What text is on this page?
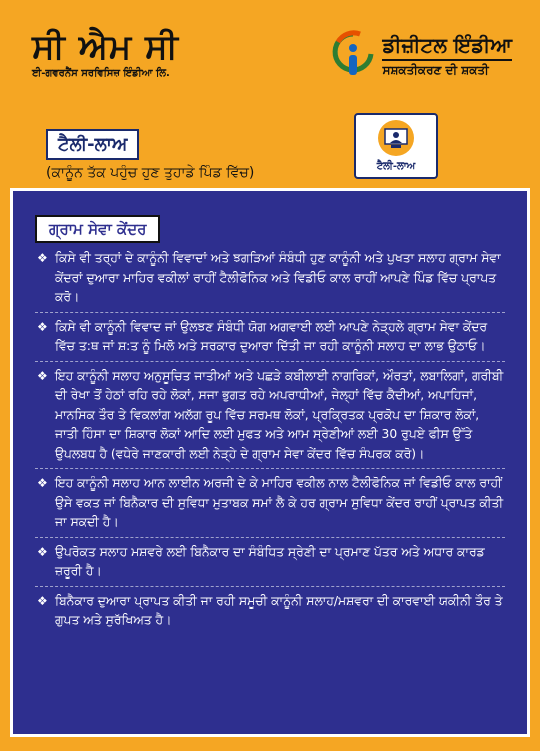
ਸੀ ਐਮ ਸੀ
ਈ-ਗਵਰਨੈਂਸ ਸਰਵਿਸਿਜ਼ ਇੰਡੀਆ ਲਿ.
ਡੀਜ਼ੀਟਲ ਇੰਡੀਆ
ਸਸ਼ਕਤੀਕਰਣ ਦੀ ਸ਼ਕਤੀ
ਟੈਲੀ-ਲਾਅ
(ਕਾਨੂੰਨ ਤੱਕ ਪਹੁੰਚ ਹੁਣ ਤੁਹਾਡੇ ਪਿੰਡ ਵਿੱਚ)	ਟੈਲੀ-ਲਾਅ
ਗ੍ਰਾਮ ਸੇਵਾ ਕੇਂਦਰ
❖ ਕਿਸੇ ਵੀ ਤਰ੍ਹਾਂ ਦੇ ਕਾਨੂੰਨੀ ਵਿਵਾਦਾਂ ਅਤੇ ਝਗੜਿਆਂ ਸੰਬੰਧੀ ਹੁਣ ਕਾਨੂੰਨੀ ਅਤੇ ਪੁਖਤਾ ਸਲਾਹ ਗ੍ਰਾਮ ਸੇਵਾ ਕੇਂਦਰਾਂ ਦੁਆਰਾ ਮਾਹਿਰ ਵਕੀਲਾਂ ਰਾਹੀਂ ਟੈਲੀਫੋਨਿਕ ਅਤੇ ਵਿਡੀਓ ਕਾਲ ਰਾਹੀਂ ਆਪਣੇ ਪਿੰਡ ਵਿੱਚ ਪ੍ਰਾਪਤ ਕਰੋ।
❖ ਕਿਸੇ ਵੀ ਕਾਨੂੰਨੀ ਵਿਵਾਦ ਜਾਂ ਉਲਝਣ ਸੰਬੰਧੀ ਯੋਗ ਅਗਵਾਈ ਲਈ ਆਪਣੇ ਨੇੜ੍ਹਲੇ ਗ੍ਰਾਮ ਸੇਵਾ ਕੇਂਦਰ ਵਿੱਚ ਤ:ਥ ਜਾਂ ਸ਼:ਤ ਨੂੰ ਮਿਲੋ ਅਤੇ ਸਰਕਾਰ ਦੁਆਰਾ ਦਿੱਤੀ ਜਾ ਰਹੀ ਕਾਨੂੰਨੀ ਸਲਾਹ ਦਾ ਲਾਭ ਉਠਾਓ।
❖ ਇਹ ਕਾਨੂੰਨੀ ਸਲਾਹ ਅਨੁਸੂਚਿਤ ਜਾਤੀਆਂ ਅਤੇ ਪਛੜੇ ਕਬੀਲਾਈ ਨਾਗਰਿਕਾਂ, ਔਰਤਾਂ, ਲਬਾਲਿਗਾਂ, ਗਰੀਬੀ ਦੀ ਰੇਖਾ ਤੋਂ ਹੇਠਾਂ ਰਹਿ ਰਹੇ ਲੋਕਾਂ, ਸਜਾ ਭੁਗਤ ਰਹੇ ਅਪਰਾਧੀਆਂ, ਜੇਲ੍ਹਾਂ ਵਿੱਚ ਕੈਦੀਆਂ, ਅਪਾਹਿਜਾਂ, ਮਾਨਸਿਕ ਤੌਰ ਤੇ ਵਿਕਲਾਂਗ ਅਲੱਗ ਰੂਪ ਵਿੱਚ ਸਰਮਥ ਲੋਕਾਂ, ਪ੍ਰਕ੍ਰਿਤਕ ਪ੍ਰਕੋਪ ਦਾ ਸ਼ਿਕਾਰ ਲੋਕਾਂ, ਜਾਤੀ ਹਿੰਸਾ ਦਾ ਸ਼ਿਕਾਰ ਲੋਕਾਂ ਆਦਿ ਲਈ ਮੁਫਤ ਅਤੇ ਆਮ ਸ੍ਰੇਣੀਆਂ ਲਈ 30 ਰੁਪਏ ਫੀਸ ਉੱਤੇ ਉਪਲਬਧ ਹੈ (ਵਧੇਰੇ ਜਾਣਕਾਰੀ ਲਈ ਨੇੜ੍ਹੇ ਦੇ ਗ੍ਰਾਮ ਸੇਵਾ ਕੇਂਦਰ ਵਿੱਚ ਸੰਪਰਕ ਕਰੋ)।
❖ ਇਹ ਕਾਨੂੰਨੀ ਸਲਾਹ ਆਨ ਲਾਈਨ ਅਰਜੀ ਦੇ ਕੇ ਮਾਹਿਰ ਵਕੀਲ ਨਾਲ ਟੈਲੀਫੋਨਿਕ ਜਾਂ ਵਿਡੀਓ ਕਾਲ ਰਾਹੀਂ ਉਸੇ ਵਕਤ ਜਾਂ ਬਿਨੈਕਾਰ ਦੀ ਸੁਵਿਧਾ ਮੁਤਾਬਕ ਸਮਾਂ ਲੈ ਕੇ ਹਰ ਗ੍ਰਾਮ ਸੁਵਿਧਾ ਕੇਂਦਰ ਰਾਹੀਂ ਪ੍ਰਾਪਤ ਕੀਤੀ ਜਾ ਸਕਦੀ ਹੈ।
❖ ਉਪਰੋਕਤ ਸਲਾਹ ਮਸ਼ਵਰੇ ਲਈ ਬਿਨੈਕਾਰ ਦਾ ਸੰਬੰਧਿਤ ਸ੍ਰੇਣੀ ਦਾ ਪ੍ਰਮਾਣ ਪੱਤਰ ਅਤੇ ਅਧਾਰ ਕਾਰਡ ਜ਼ਰੂਰੀ ਹੈ।
❖ ਬਿਨੈਕਾਰ ਦੁਆਰਾ ਪ੍ਰਾਪਤ ਕੀਤੀ ਜਾ ਰਹੀ ਸਮੂਚੀ ਕਾਨੂੰਨੀ ਸਲਾਹ/ਮਸ਼ਵਰਾ ਦੀ ਕਾਰਵਾਈ ਯਕੀਨੀ ਤੌਰ ਤੇ ਗੁਪਤ ਅਤੇ ਸੁਰੱਖਿਅਤ ਹੈ।
